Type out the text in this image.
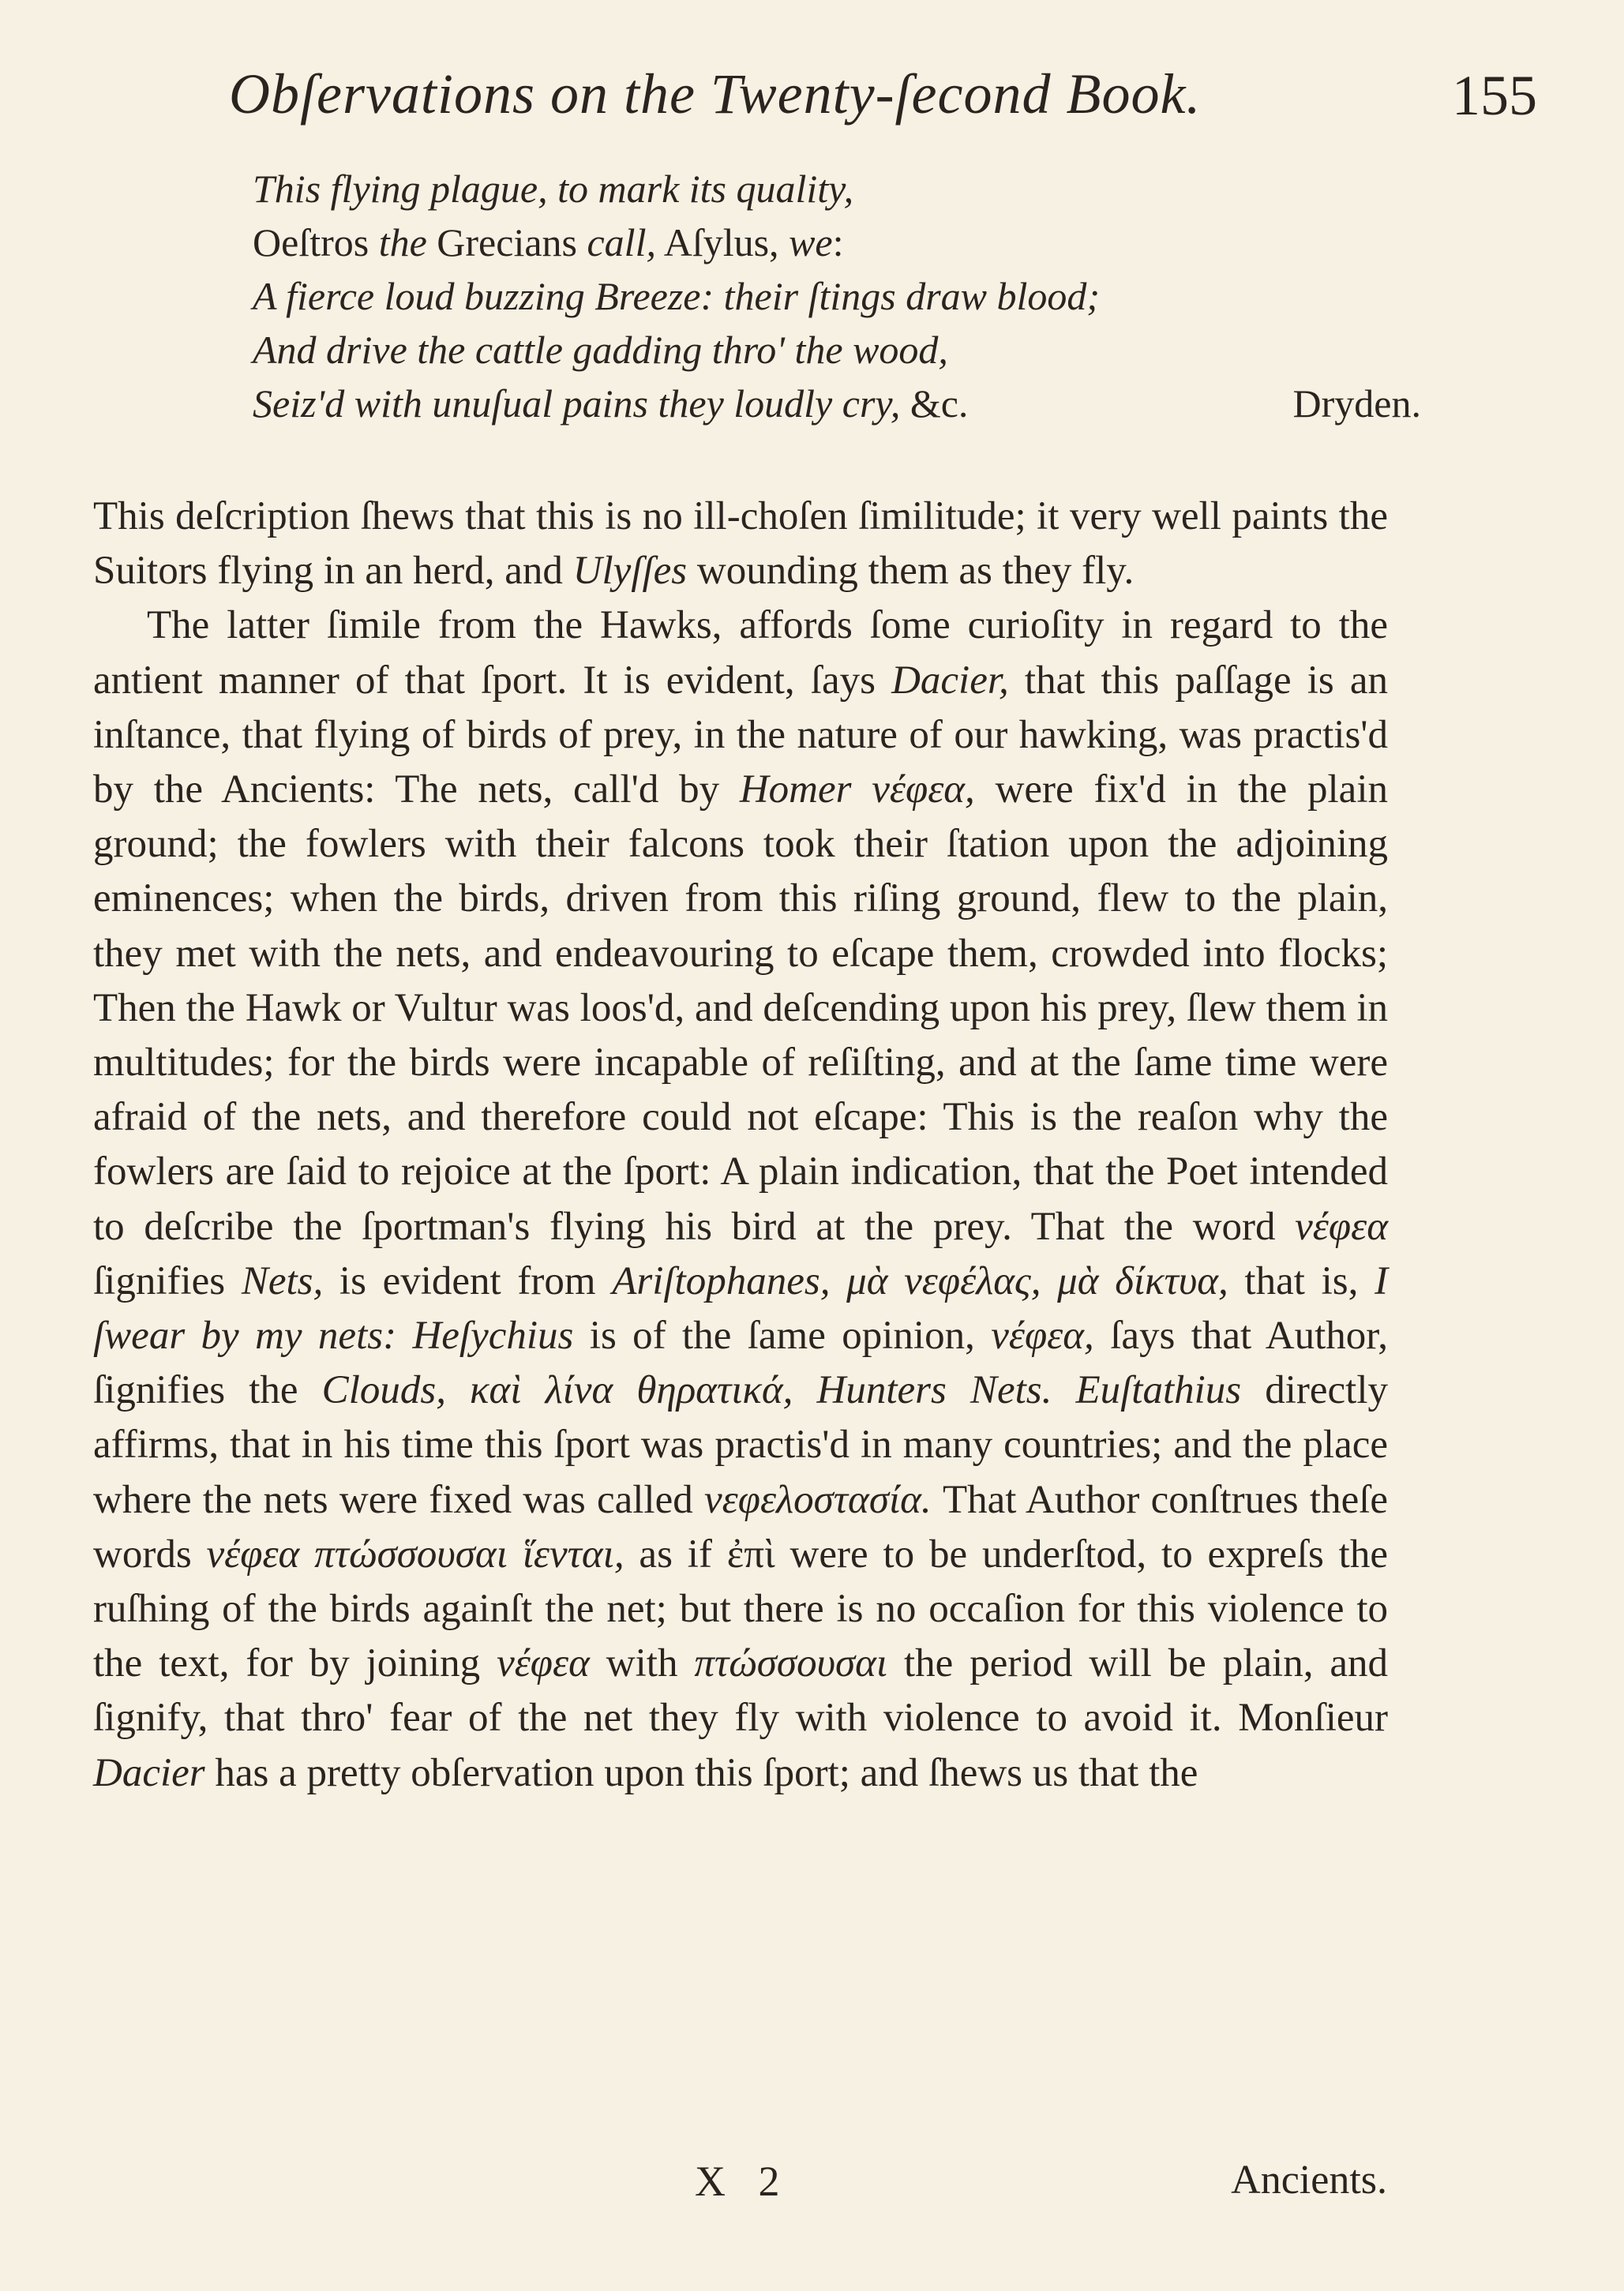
Obſervations on the Twenty-ſecond Book.	155
This flying plague, to mark its quality,
Oeſtros the Grecians call, Aſylus, we:
A fierce loud buzzing Breeze: their ſtings draw blood;
And drive the cattle gadding thro' the wood,
Seiz'd with unuſual pains they loudly cry, &c.	Dryden.

This deſcription ſhews that this is no ill-choſen ſimilitude; it very well paints the Suitors flying in an herd, and Ulyſſes wounding them as they fly.

The latter ſimile from the Hawks, affords ſome curioſity in regard to the antient manner of that ſport. It is evident, ſays Dacier, that this paſſage is an inſtance, that flying of birds of prey, in the nature of our hawking, was practis'd by the Ancients: The nets, call'd by Homer νέφεα, were fix'd in the plain ground; the fowlers with their falcons took their ſtation upon the adjoining eminences; when the birds, driven from this riſing ground, flew to the plain, they met with the nets, and endeavouring to eſcape them, crowded into flocks; Then the Hawk or Vultur was loos'd, and deſcending upon his prey, ſlew them in multitudes; for the birds were incapable of reſiſting, and at the ſame time were afraid of the nets, and therefore could not eſcape: This is the reaſon why the fowlers are ſaid to rejoice at the ſport: A plain indication, that the Poet intended to deſcribe the ſportman's flying his bird at the prey. That the word νέφεα ſignifies Nets, is evident from Ariſtophanes, μὰ νεφέλας, μὰ δίκτυα, that is, I ſwear by my nets: Heſychius is of the ſame opinion, νέφεα, ſays that Author, ſignifies the Clouds, καὶ λίνα θηρατικά, Hunters Nets. Euſtathius directly affirms, that in his time this ſport was practis'd in many countries; and the place where the nets were fixed was called νεφελοστασία. That Author conſtrues theſe words νέφεα πτώσσουσαι ἵενται, as if ἐπὶ were to be underſtod, to expreſs the ruſhing of the birds againſt the net; but there is no occaſion for this violence to the text, for by joining νέφεα with πτώσσουσαι the period will be plain, and ſignify, that thro' fear of the net they fly with violence to avoid it. Monſieur Dacier has a pretty obſervation upon this ſport; and ſhews us that the

X 2	Ancients.
